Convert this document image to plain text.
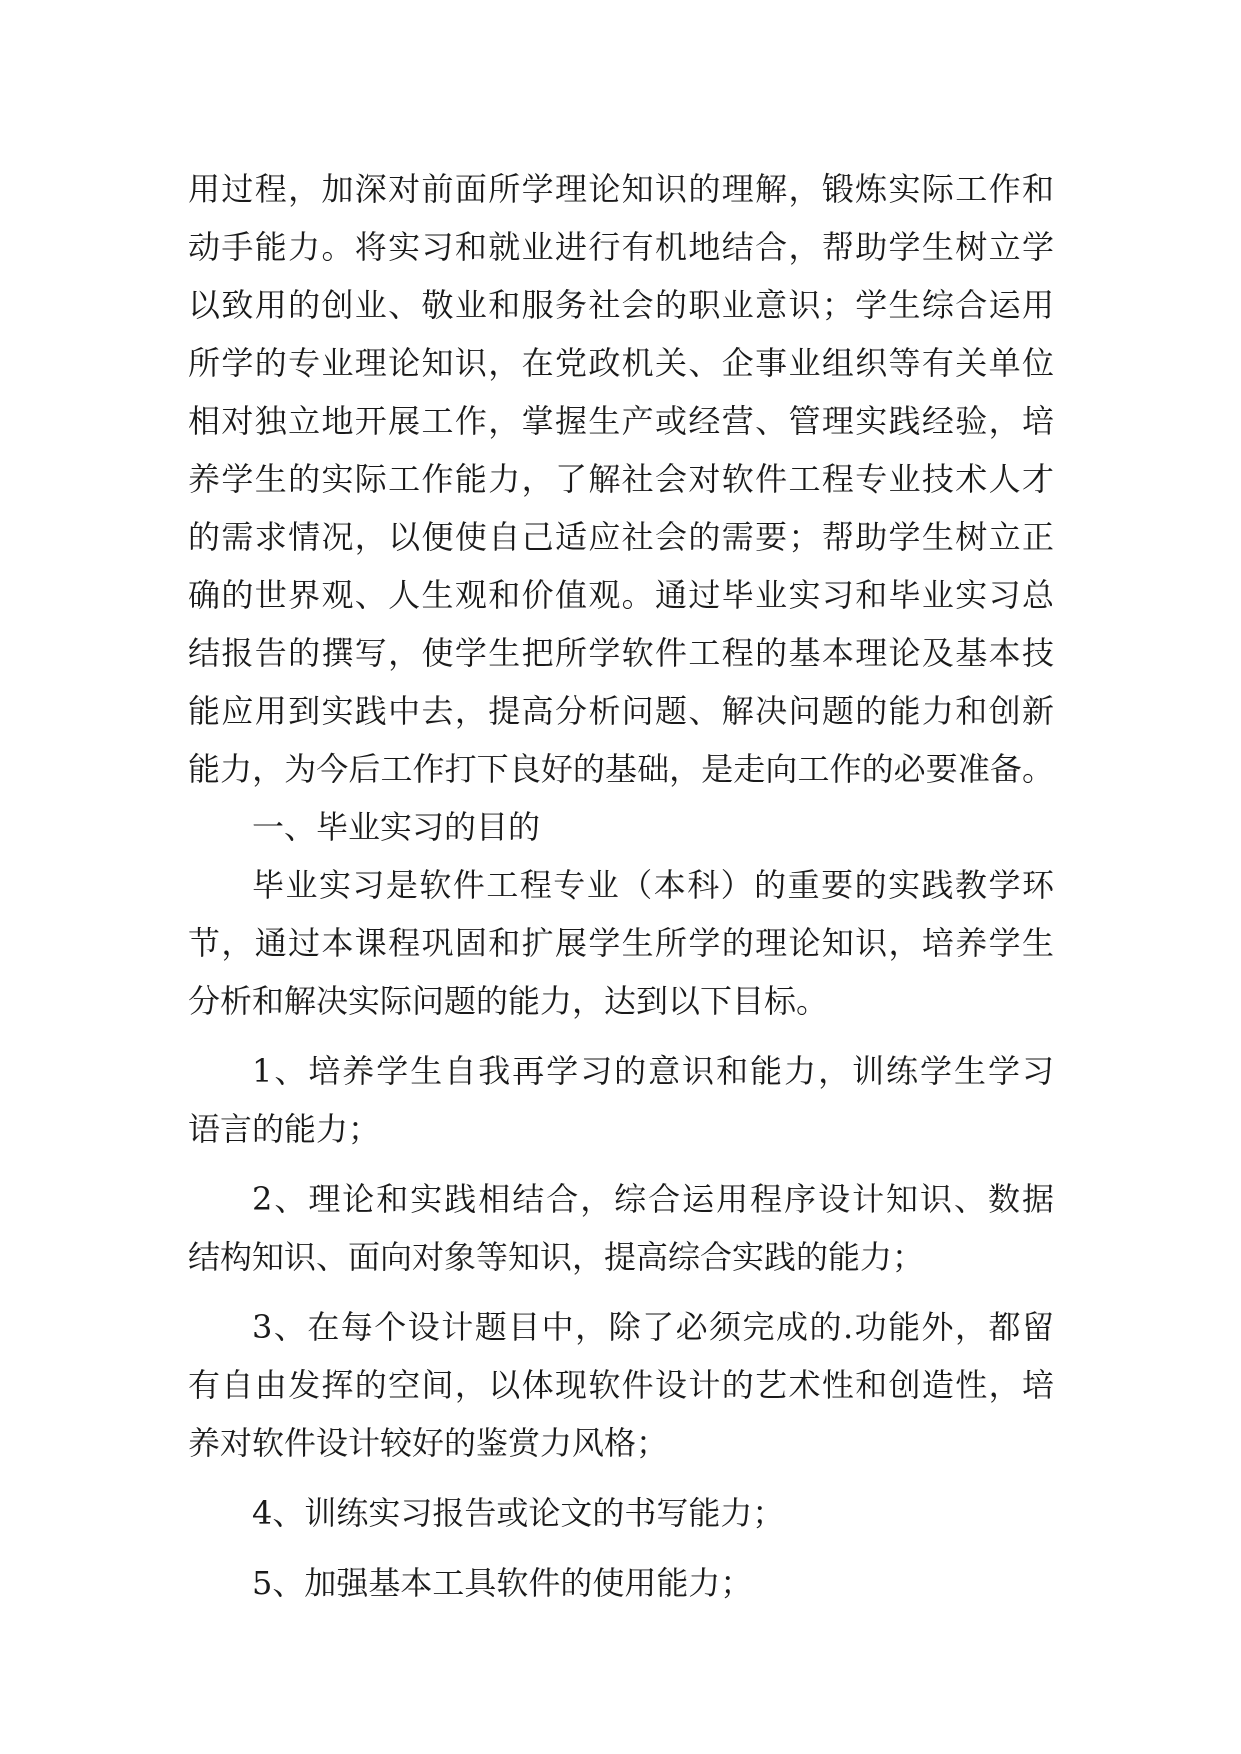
用过程，加深对前面所学理论知识的理解，锻炼实际工作和
动手能力。将实习和就业进行有机地结合，帮助学生树立学
以致用的创业、敬业和服务社会的职业意识；学生综合运用
所学的专业理论知识，在党政机关、企事业组织等有关单位
相对独立地开展工作，掌握生产或经营、管理实践经验，培
养学生的实际工作能力，了解社会对软件工程专业技术人才
的需求情况，以便使自己适应社会的需要；帮助学生树立正
确的世界观、人生观和价值观。通过毕业实习和毕业实习总
结报告的撰写，使学生把所学软件工程的基本理论及基本技
能应用到实践中去，提高分析问题、解决问题的能力和创新
能力，为今后工作打下良好的基础，是走向工作的必要准备。
一、毕业实习的目的
毕业实习是软件工程专业（本科）的重要的实践教学环
节，通过本课程巩固和扩展学生所学的理论知识，培养学生
分析和解决实际问题的能力，达到以下目标。
1、培养学生自我再学习的意识和能力，训练学生学习
语言的能力；
2、理论和实践相结合，综合运用程序设计知识、数据
结构知识、面向对象等知识，提高综合实践的能力；
3、在每个设计题目中，除了必须完成的.功能外，都留
有自由发挥的空间，以体现软件设计的艺术性和创造性，培
养对软件设计较好的鉴赏力风格；
4、训练实习报告或论文的书写能力；
5、加强基本工具软件的使用能力；
